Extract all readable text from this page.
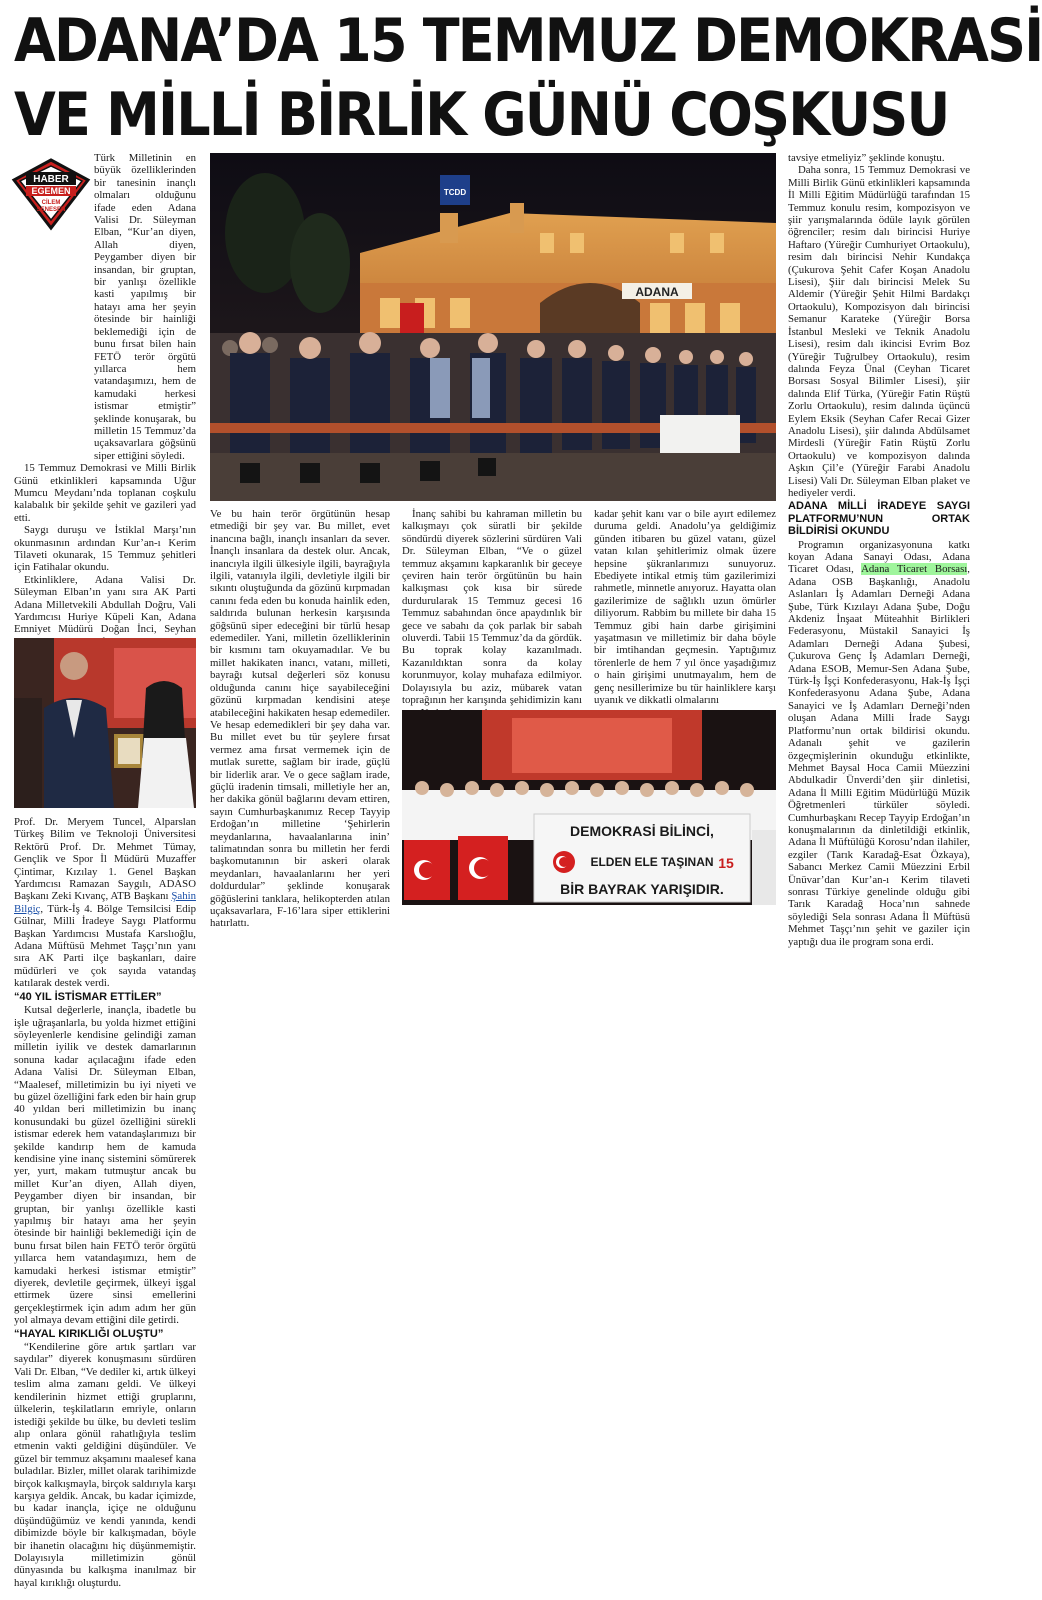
ADANA’DA 15 TEMMUZ DEMOKRASİ
VE MİLLİ BİRLİK GÜNÜ COŞKUSU
HABER
EGEMEN
CİLEM
SENESEN

Türk Milletinin en büyük özelliklerinden bir tanesinin inançlı olmaları olduğunu ifade eden Adana Valisi Dr. Süleyman Elban, “Kur’an diyen, Allah diyen, Peygamber diyen bir insandan, bir gruptan, bir yanlışı özellikle kasti yapılmış bir hatayı ama her şeyin ötesinde bir hainliği beklemediği için de bunu fırsat bilen hain FETÖ terör örgütü yıllarca hem vatandaşımızı, hem de kamudaki herkesi istismar etmiştir” şeklinde konuşarak, bu milletin 15 Temmuz’da uçaksavarlara göğsünü siper ettiğini söyledi.

15 Temmuz Demokrasi ve Milli Birlik Günü etkinlikleri kapsamında Uğur Mumcu Meydanı’nda toplanan coşkulu kalabalık bir şekilde şehit ve gazileri yad etti.

Saygı duruşu ve İstiklal Marşı’nın okunmasının ardından Kur’an-ı Kerim Tilaveti okunarak, 15 Temmuz şehitleri için Fatihalar okundu.

Etkinliklere, Adana Valisi Dr. Süleyman Elban’ın yanı sıra AK Parti Adana Milletvekili Abdullah Doğru, Vali Yardımcısı Huriye Küpeli Kan, Adana Emniyet Müdürü Doğan İnci, Seyhan

Prof. Dr. Meryem Tuncel, Alparslan Türkeş Bilim ve Teknoloji Üniversitesi Rektörü Prof. Dr. Mehmet Tümay, Gençlik ve Spor İl Müdürü Muzaffer Çintimar, Kızılay 1. Genel Başkan Yardımcısı Ramazan Saygılı, ADASO Başkanı Zeki Kıvanç, ATB Başkanı Şahin Bilgiç, Türk-İş 4. Bölge Temsilcisi Edip Gülnar, Milli İradeye Saygı Platformu Başkan Yardımcısı Mustafa Karslıoğlu, Adana Müftüsü Mehmet Taşçı’nın yanı sıra AK Parti ilçe başkanları, daire müdürleri ve çok sayıda vatandaş katılarak destek verdi.

“40 YIL İSTİSMAR ETTİLER”

Kutsal değerlerle, inançla, ibadetle bu işle uğraşanlarla, bu yolda hizmet ettiğini söyleyenlerle kendisine gelindiği zaman milletin iyilik ve destek damarlarının sonuna kadar açılacağını ifade eden Adana Valisi Dr. Süleyman Elban, “Maalesef, milletimizin bu iyi niyeti ve bu güzel özelliğini fark eden bir hain grup 40 yıldan beri milletimizin bu inanç konusundaki bu güzel özelliğini sürekli istismar ederek hem vatandaşlarımızı bir şekilde kandırıp hem de kamuda kendisine yine inanç sistemini sömürerek yer, yurt, makam tutmuştur ancak bu millet Kur’an diyen, Allah diyen, Peygamber diyen bir insandan, bir gruptan, bir yanlışı özellikle kasti yapılmış bir hatayı ama her şeyin ötesinde bir hainliği beklemediği için de bunu fırsat bilen hain FETÖ terör örgütü yıllarca hem vatandaşımızı, hem de kamudaki herkesi istismar etmiştir” diyerek, devletile geçirmek, ülkeyi işgal ettirmek üzere sinsi emellerini gerçekleştirmek için adım adım her gün yol almaya devam ettiğini dile getirdi.

“HAYAL KIRIKLIĞI OLUŞTU”

“Kendilerine göre artık şartları var saydılar” diyerek konuşmasını sürdüren Vali Dr. Elban, “Ve dediler ki, artık ülkeyi teslim alma zamanı geldi. Ve ülkeyi kendilerinin hizmet ettiği gruplarını, ülkelerin, teşkilatların emriyle, onların istediği şekilde bu ülke, bu devleti teslim alıp onlara gönül rahatlığıyla teslim etmenin vakti geldiğini düşündüler. Ve güzel bir temmuz akşamını maalesef kana buladılar. Bizler, millet olarak tarihimizde birçok kalkışmayla, birçok saldırıyla karşı karşıya geldik. Ancak, bu kadar içimizde, bu kadar inançla, içiçe ne olduğunu düşündüğümüz ve kendi yanında, kendi dibimizde böyle bir kalkışmadan, böyle bir ihanetin olacağını hiç düşünmemiştir. Dolayısıyla milletimizin gönül dünyasında bu kalkışma inanılmaz bir hayal kırıklığı oluşturdu.

ADANA
TCDD

Ve bu hain terör örgütünün hesap etmediği bir şey var. Bu millet, evet inancına bağlı, inançlı insanları da sever. İnançlı insanlara da destek olur. Ancak, inancıyla ilgili ülkesiyle ilgili, bayrağıyla ilgili, vatanıyla ilgili, devletiyle ilgili bir sıkıntı oluştuğunda da gözünü kırpmadan canını feda eden bu konuda hainlik eden, saldırıda bulunan herkesin karşısında göğsünü siper edeceğini bir türlü hesap edemediler. Yani, milletin özelliklerinin bir kısmını tam okuyamadılar. Ve bu millet hakikaten inancı, vatanı, milleti, bayrağı kutsal değerleri söz konusu olduğunda canını hiçe sayabileceğini gözünü kırpmadan kendisini ateşe atabileceğini hakikaten hesap edemediler. Ve hesap edemedikleri bir şey daha var. Bu millet evet bu tür şeylere fırsat vermez ama fırsat vermemek için de mutlak surette, sağlam bir irade, güçlü bir liderlik arar. Ve o gece sağlam irade, güçlü iradenin timsali, milletiyle her an, her dakika gönül bağlarını devam ettiren, sayın Cumhurbaşkanımız Recep Tayyip Erdoğan’ın milletine ‘Şehirlerin meydanlarına, havaalanlarına inin’ talimatından sonra bu milletin her ferdi başkomutanının bir askeri olarak meydanları, havaalanlarını her yeri doldurdular” şeklinde konuşarak göğüslerini tanklara, helikopterden atılan uçaksavarlara, F-16’lara siper ettiklerini hatırlattı.

İnanç sahibi bu kahraman milletin bu kalkışmayı çok süratli bir şekilde söndürdü diyerek sözlerini sürdüren Vali Dr. Süleyman Elban, “Ve o güzel temmuz akşamını kapkaranlık bir geceye çeviren hain terör örgütünün bu hain kalkışması çok kısa bir sürede durdurularak 15 Temmuz gecesi 16 Temmuz sabahından önce apaydınlık bir gece ve sabahı da çok parlak bir sabah oluverdi. Tabii 15 Temmuz’da da gördük. Bu toprak kolay kazanılmadı. Kazanıldıktan sonra da kolay korunmuyor, kolay muhafaza edilmiyor. Dolayısıyla bu aziz, mübarek vatan toprağının her karışında şehidimizin kanı

kadar şehit kanı var o bile ayırt edilemez duruma geldi. Anadolu’ya geldiğimiz günden itibaren bu güzel vatanı, güzel vatan kılan şehitlerimiz olmak üzere hepsine şükranlarımızı sunuyoruz. Ebediyete intikal etmiş tüm gazilerimizi rahmetle, minnetle anıyoruz. Hayatta olan gazilerimize de sağlıklı uzun ömürler diliyorum. Rabbim bu millete bir daha 15 Temmuz gibi hain darbe girişimini yaşatmasın ve milletimiz bir daha böyle bir imtihandan geçmesin. Yaptığımız törenlerle de hem 7 yıl önce yaşadığımız o hain girişimi unutmayalım, hem de genç nesillerimize bu tür hainliklere karşı uyanık ve dikkatli olmalarını

DEMOKRASİ BİLİNCİ,
ELDEN ELE TAŞINAN 15
BİR BAYRAK YARIŞIDIR.

tavsiye etmeliyiz” şeklinde konuştu.

Daha sonra, 15 Temmuz Demokrasi ve Milli Birlik Günü etkinlikleri kapsamında İl Milli Eğitim Müdürlüğü tarafından 15 Temmuz konulu resim, kompozisyon ve şiir yarışmalarında ödüle layık görülen öğrenciler; resim dalı birincisi Huriye Haftaro (Yüreğir Cumhuriyet Ortaokulu), resim dalı birincisi Nehir Kundakça (Çukurova Şehit Cafer Koşan Anadolu Lisesi), Şiir dalı birincisi Melek Su Aldemir (Yüreğir Şehit Hilmi Bardakçı Ortaokulu), Kompozisyon dalı birincisi Semanur Karateke (Yüreğir Borsa İstanbul Mesleki ve Teknik Anadolu Lisesi), resim dalı ikincisi Evrim Boz (Yüreğir Tuğrulbey Ortaokulu), resim dalında Feyza Ünal (Ceyhan Ticaret Borsası Sosyal Bilimler Lisesi), şiir dalında Elif Türka, (Yüreğir Fatin Rüştü Zorlu Ortaokulu), resim dalında üçüncü Eylem Eksik (Seyhan Cafer Recai Gizer Anadolu Lisesi), şiir dalında Abdülsamet Mirdesli (Yüreğir Fatin Rüştü Zorlu Ortaokulu) ve kompozisyon dalında Aşkın Çil’e (Yüreğir Farabi Anadolu Lisesi) Vali Dr. Süleyman Elban plaket ve hediyeler verdi.

ADANA MİLLİ İRADEYE SAYGI PLATFORMU’NUN ORTAK BİLDİRİSİ OKUNDU

Programın organizasyonuna katkı koyan Adana Sanayi Odası, Adana Ticaret Odası, Adana Ticaret Borsası, Adana OSB Başkanlığı, Anadolu Aslanları İş Adamları Derneği Adana Şube, Türk Kızılayı Adana Şube, Doğu Akdeniz İnşaat Müteahhit Birlikleri Federasyonu, Müstakil Sanayici İş Adamları Derneği Adana Şubesi, Çukurova Genç İş Adamları Derneği, Adana ESOB, Memur-Sen Adana Şube, Türk-İş İşçi Konfederasyonu, Hak-İş İşçi Konfederasyonu Adana Şube, Adana Sanayici ve İş Adamları Derneği’nden oluşan Adana Milli İrade Saygı Platformu’nun ortak bildirisi okundu. Adanalı şehit ve gazilerin özgeçmişlerinin okunduğu etkinlikte, Mehmet Baysal Hoca Camii Müezzini Abdulkadir Ünverdi’den şiir dinletisi, Adana İl Milli Eğitim Müdürlüğü Müzik Öğretmenleri türküler söyledi. Cumhurbaşkanı Recep Tayyip Erdoğan’ın konuşmalarının da dinletildiği etkinlik, Adana İl Müftülüğü Korosu’ndan ilahiler, ezgiler (Tarık Karadağ-Esat Özkaya), Sabancı Merkez Camii Müezzini Erbil Ünüvar’dan Kur’an-ı Kerim tilaveti sonrası Türkiye genelinde olduğu gibi Tarık Karadağ Hoca’nın sahnede söylediği Sela sonrası Adana İl Müftüsü Mehmet Taşçı’nın şehit ve gaziler için yaptığı dua ile program sona erdi.
